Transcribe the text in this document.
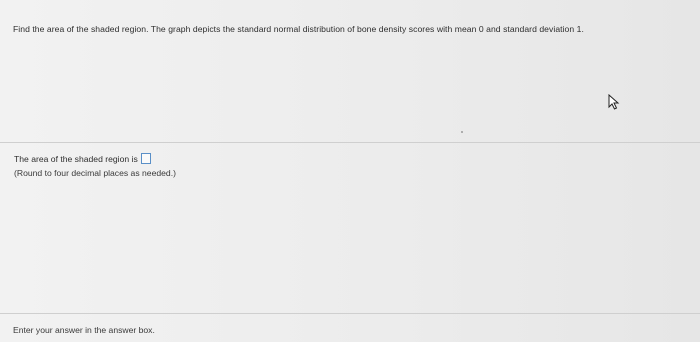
Find the area of the shaded region. The graph depicts the standard normal distribution of bone density scores with mean 0 and standard deviation 1.
The area of the shaded region is
(Round to four decimal places as needed.)
Enter your answer in the answer box.
